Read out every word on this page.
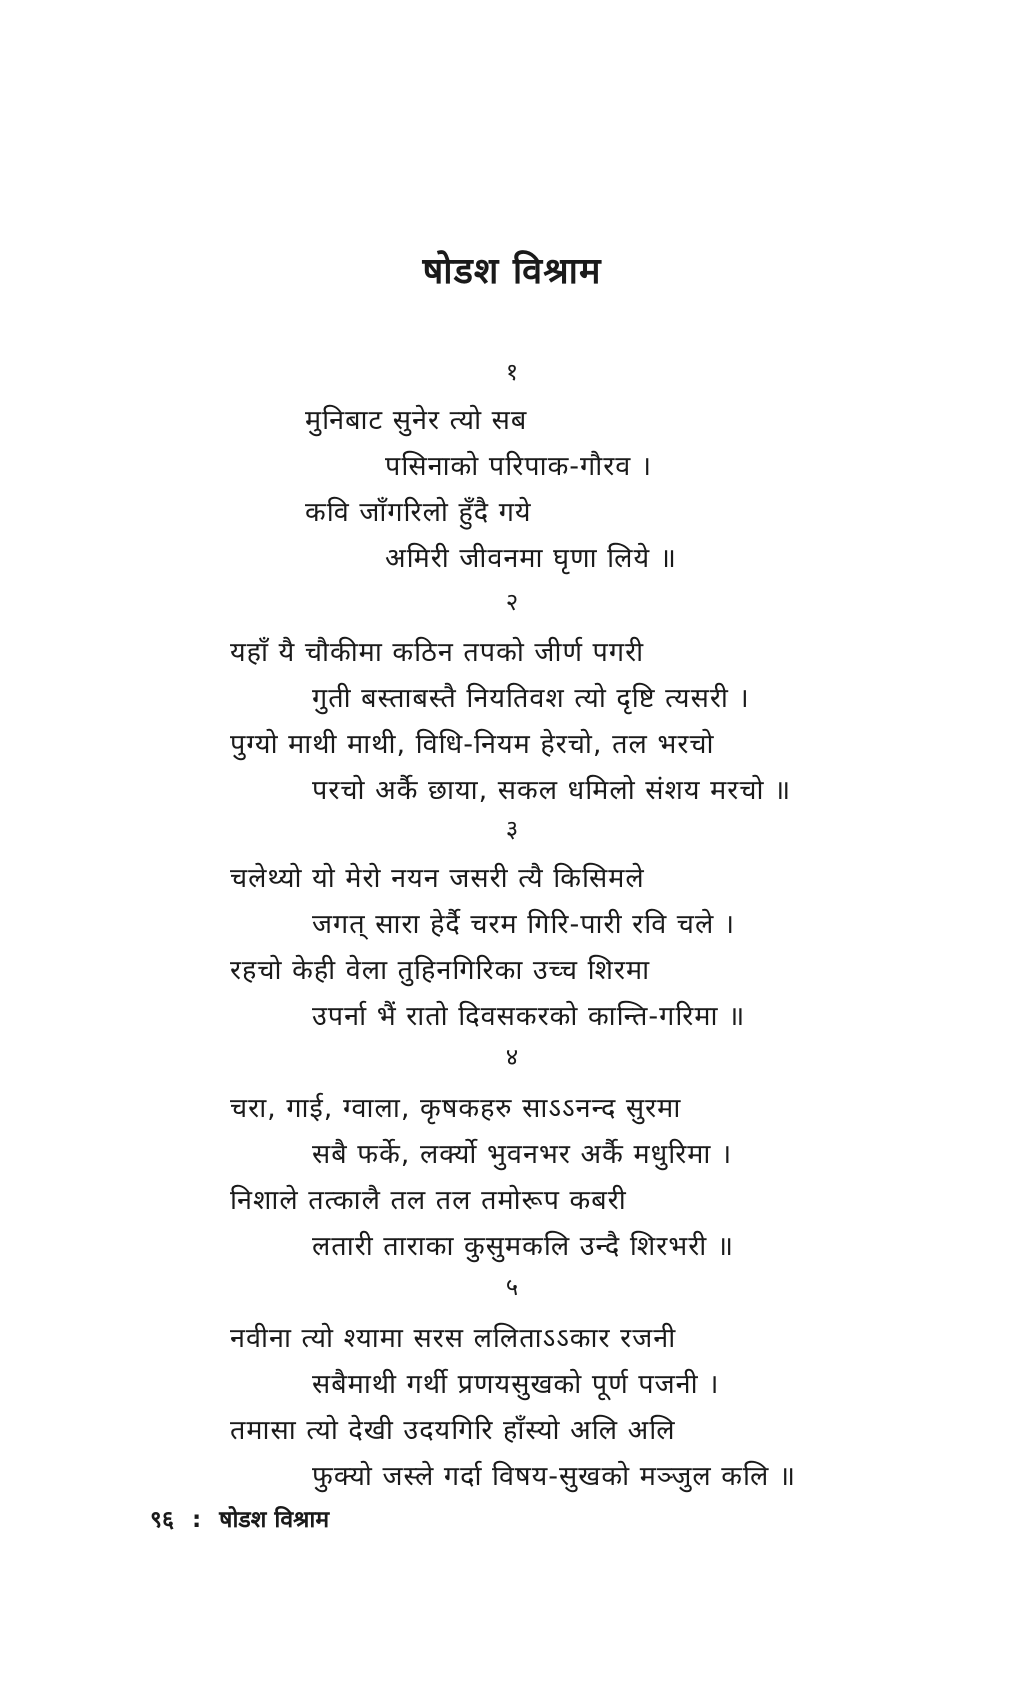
षोडश विश्राम
१
मुनिबाट सुनेर त्यो सब
पसिनाको परिपाक-गौरव ।
कवि जाँगरिलो हुँदै गये
अमिरी जीवनमा घृणा लिये ॥
२
यहाँ यै चौकीमा कठिन तपको जीर्ण पगरी
गुती बस्ताबस्तै नियतिवश त्यो दृष्टि त्यसरी ।
पुग्यो माथी माथी, विधि-नियम हेरचो, तल भरचो
परचो अर्कै छाया, सकल धमिलो संशय मरचो ॥
३
चलेथ्यो यो मेरो नयन जसरी त्यै किसिमले
जगत् सारा हेर्दै चरम गिरि-पारी रवि चले ।
रहचो केही वेला तुहिनगिरिका उच्च शिरमा
उपर्ना भैं रातो दिवसकरको कान्ति-गरिमा ॥
४
चरा, गाई, ग्वाला, कृषकहरु साऽऽनन्द सुरमा
सबै फर्के, लर्क्यो भुवनभर अर्कै मधुरिमा ।
निशाले तत्कालै तल तल तमोरूप कबरी
लतारी ताराका कुसुमकलि उन्दै शिरभरी ॥
५
नवीना त्यो श्यामा सरस ललिताऽऽकार रजनी
सबैमाथी गर्थी प्रणयसुखको पूर्ण पजनी ।
तमासा त्यो देखी उदयगिरि हाँस्यो अलि अलि
फुक्यो जस्ले गर्दा विषय-सुखको मञ्जुल कलि ॥
९६ : षोडश विश्राम
